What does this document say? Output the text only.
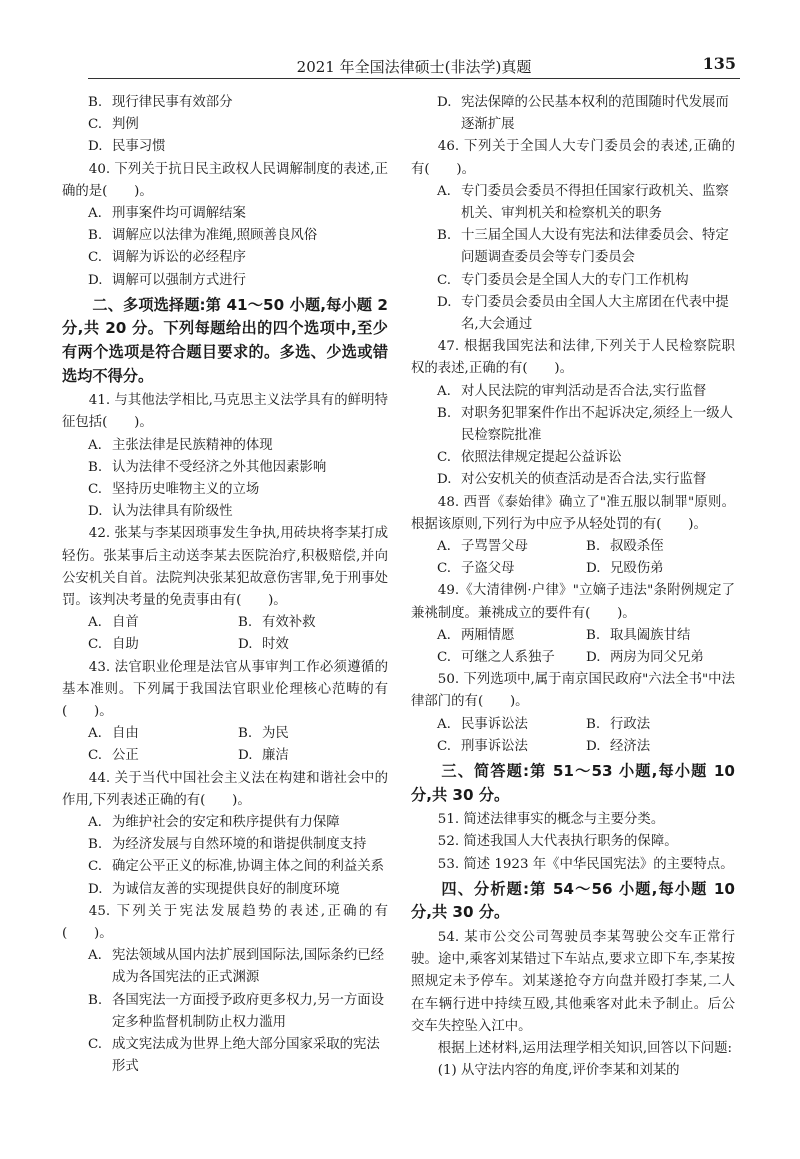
2021 年全国法律硕士(非法学)真题	135

B. 现行律民事有效部分

C. 判例

D. 民事习惯

40. 下列关于抗日民主政权人民调解制度的表述,正确的是(　　)。

A. 刑事案件均可调解结案

B. 调解应以法律为准绳,照顾善良风俗

C. 调解为诉讼的必经程序

D. 调解可以强制方式进行

二、多项选择题:第 41～50 小题,每小题 2 分,共 20 分。下列每题给出的四个选项中,至少有两个选项是符合题目要求的。多选、少选或错选均不得分。

41. 与其他法学相比,马克思主义法学具有的鲜明特征包括(　　)。

A. 主张法律是民族精神的体现

B. 认为法律不受经济之外其他因素影响

C. 坚持历史唯物主义的立场

D. 认为法律具有阶级性

42. 张某与李某因琐事发生争执,用砖块将李某打成轻伤。张某事后主动送李某去医院治疗,积极赔偿,并向公安机关自首。法院判决张某犯故意伤害罪,免于刑事处罚。该判决考量的免责事由有(　　)。

A. 自首	B. 有效补救
C. 自助	D. 时效

43. 法官职业伦理是法官从事审判工作必须遵循的基本准则。下列属于我国法官职业伦理核心范畴的有(　　)。

A. 自由	B. 为民
C. 公正	D. 廉洁

44. 关于当代中国社会主义法在构建和谐社会中的作用,下列表述正确的有(　　)。

A. 为维护社会的安定和秩序提供有力保障

B. 为经济发展与自然环境的和谐提供制度支持

C. 确定公平正义的标准,协调主体之间的利益关系

D. 为诚信友善的实现提供良好的制度环境

45. 下列关于宪法发展趋势的表述,正确的有(　　)。

A. 宪法领域从国内法扩展到国际法,国际条约已经成为各国宪法的正式渊源

B. 各国宪法一方面授予政府更多权力,另一方面设定多种监督机制防止权力滥用

C. 成文宪法成为世界上绝大部分国家采取的宪法形式

D. 宪法保障的公民基本权利的范围随时代发展而逐渐扩展

46. 下列关于全国人大专门委员会的表述,正确的有(　　)。

A. 专门委员会委员不得担任国家行政机关、监察机关、审判机关和检察机关的职务

B. 十三届全国人大设有宪法和法律委员会、特定问题调查委员会等专门委员会

C. 专门委员会是全国人大的专门工作机构

D. 专门委员会委员由全国人大主席团在代表中提名,大会通过

47. 根据我国宪法和法律,下列关于人民检察院职权的表述,正确的有(　　)。

A. 对人民法院的审判活动是否合法,实行监督

B. 对职务犯罪案件作出不起诉决定,须经上一级人民检察院批准

C. 依照法律规定提起公益诉讼

D. 对公安机关的侦查活动是否合法,实行监督

48. 西晋《泰始律》确立了"准五服以制罪"原则。根据该原则,下列行为中应予从轻处罚的有(　　)。

A. 子骂詈父母	B. 叔殴杀侄
C. 子盗父母	D. 兄殴伤弟

49.《大清律例·户律》"立嫡子违法"条附例规定了兼祧制度。兼祧成立的要件有(　　)。

A. 两厢情愿	B. 取具阖族甘结
C. 可继之人系独子	D. 两房为同父兄弟

50. 下列选项中,属于南京国民政府"六法全书"中法律部门的有(　　)。

A. 民事诉讼法	B. 行政法
C. 刑事诉讼法	D. 经济法

三、简答题:第 51～53 小题,每小题 10 分,共 30 分。

51. 简述法律事实的概念与主要分类。

52. 简述我国人大代表执行职务的保障。

53. 简述 1923 年《中华民国宪法》的主要特点。

四、分析题:第 54～56 小题,每小题 10 分,共 30 分。

54. 某市公交公司驾驶员李某驾驶公交车正常行驶。途中,乘客刘某错过下车站点,要求立即下车,李某按照规定未予停车。刘某遂抢夺方向盘并殴打李某,二人在车辆行进中持续互殴,其他乘客对此未予制止。后公交车失控坠入江中。

根据上述材料,运用法理学相关知识,回答以下问题:

(1) 从守法内容的角度,评价李某和刘某的
